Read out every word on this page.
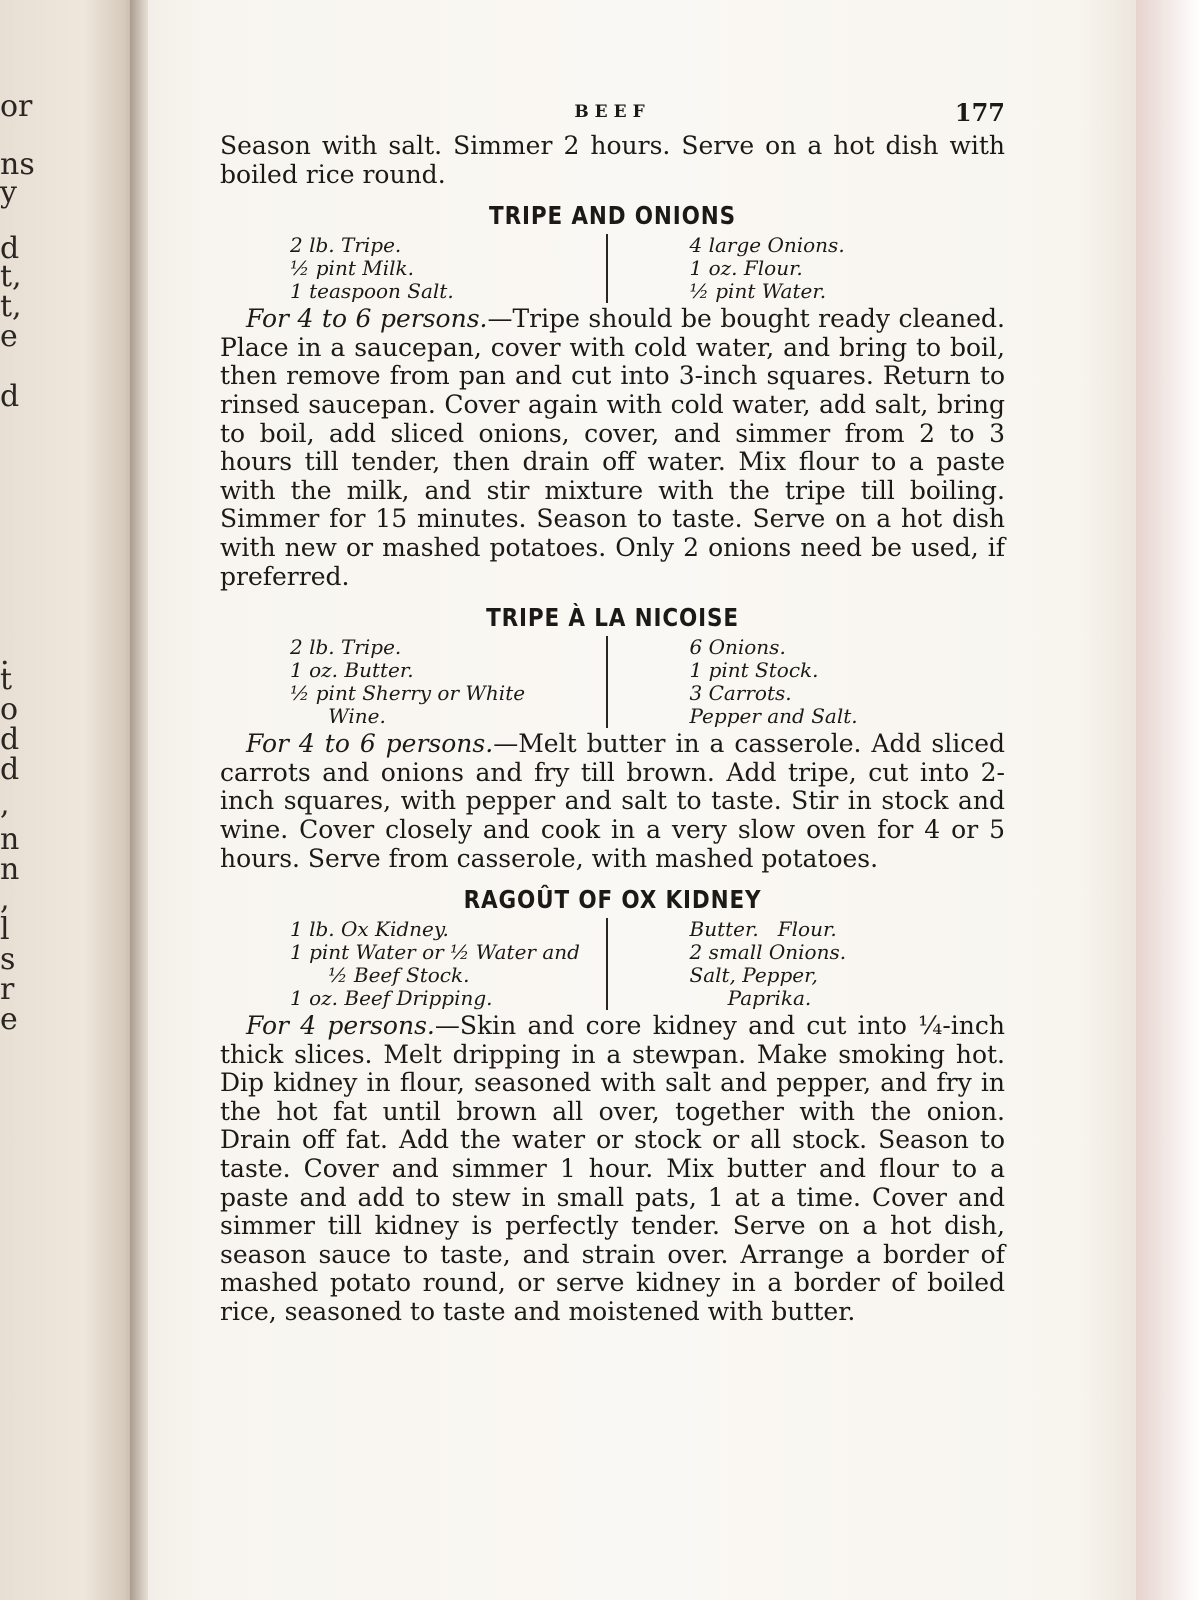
or
ns
y
d
t,
t,
e
d
.
t
o
d
d
,
n
n
,
l
s
r
e
BEEF	177

Season with salt. Simmer 2 hours. Serve on a hot dish with boiled rice round.

TRIPE AND ONIONS
2 lb. Tripe.
½ pint Milk.
1 teaspoon Salt.
4 large Onions.
1 oz. Flour.
½ pint Water.

For 4 to 6 persons.—Tripe should be bought ready cleaned. Place in a saucepan, cover with cold water, and bring to boil, then remove from pan and cut into 3-inch squares. Return to rinsed saucepan. Cover again with cold water, add salt, bring to boil, add sliced onions, cover, and simmer from 2 to 3 hours till tender, then drain off water. Mix flour to a paste with the milk, and stir mixture with the tripe till boiling. Simmer for 15 minutes. Season to taste. Serve on a hot dish with new or mashed potatoes. Only 2 onions need be used, if preferred.

TRIPE À LA NICOISE
2 lb. Tripe.
1 oz. Butter.
½ pint Sherry or White
Wine.
6 Onions.
1 pint Stock.
3 Carrots.
Pepper and Salt.

For 4 to 6 persons.—Melt butter in a casserole. Add sliced carrots and onions and fry till brown. Add tripe, cut into 2-inch squares, with pepper and salt to taste. Stir in stock and wine. Cover closely and cook in a very slow oven for 4 or 5 hours. Serve from casserole, with mashed potatoes.

RAGOÛT OF OX KIDNEY
1 lb. Ox Kidney.
1 pint Water or ½ Water and
½ Beef Stock.
1 oz. Beef Dripping.
Butter.   Flour.
2 small Onions.
Salt, Pepper,
Paprika.

For 4 persons.—Skin and core kidney and cut into ¼-inch thick slices. Melt dripping in a stewpan. Make smoking hot. Dip kidney in flour, seasoned with salt and pepper, and fry in the hot fat until brown all over, together with the onion. Drain off fat. Add the water or stock or all stock. Season to taste. Cover and simmer 1 hour. Mix butter and flour to a paste and add to stew in small pats, 1 at a time. Cover and simmer till kidney is perfectly tender. Serve on a hot dish, season sauce to taste, and strain over. Arrange a border of mashed potato round, or serve kidney in a border of boiled rice, seasoned to taste and moistened with butter.
